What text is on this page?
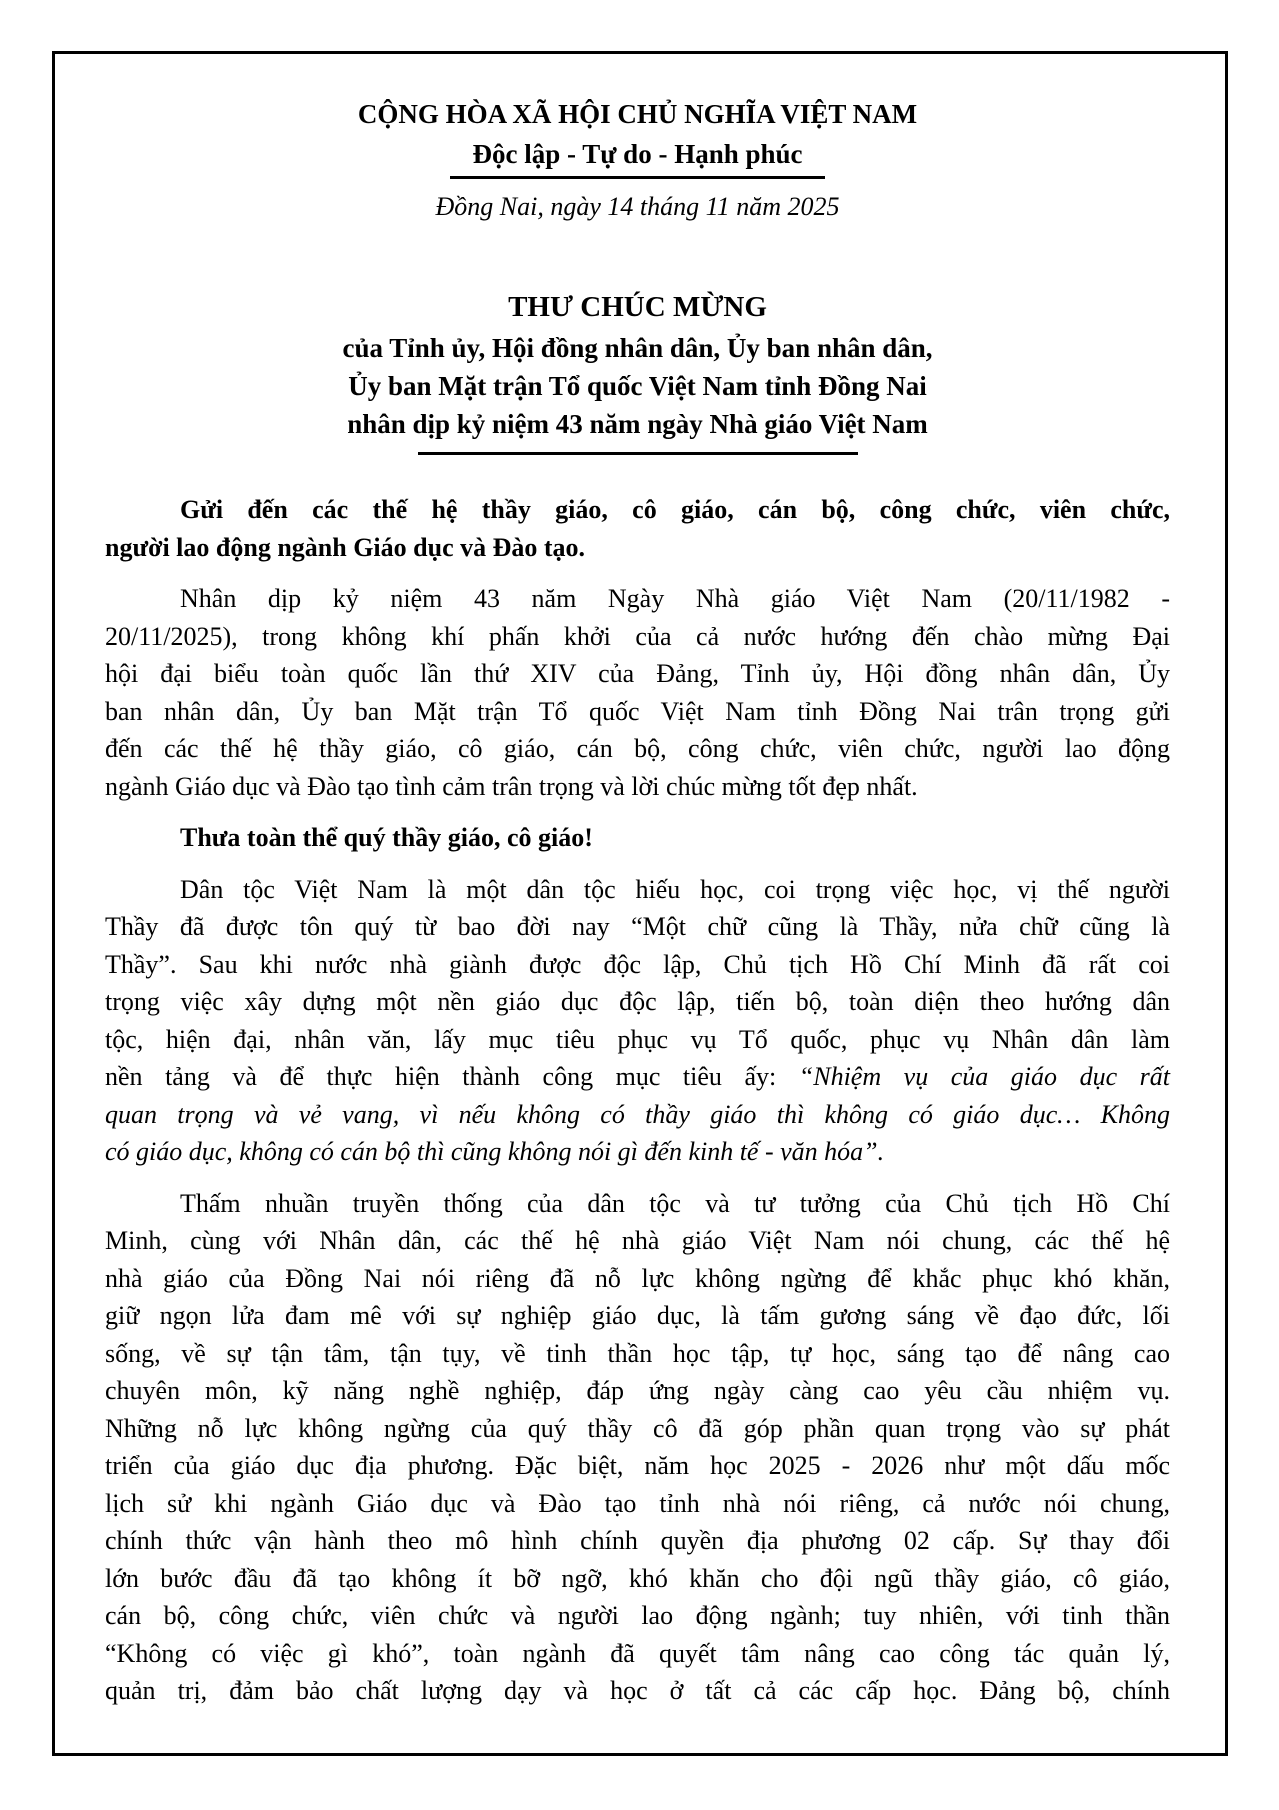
CỘNG HÒA XÃ HỘI CHỦ NGHĨA VIỆT NAM
Độc lập - Tự do - Hạnh phúc
Đồng Nai, ngày 14 tháng 11 năm 2025
THƯ CHÚC MỪNG
của Tỉnh ủy, Hội đồng nhân dân, Ủy ban nhân dân,
Ủy ban Mặt trận Tổ quốc Việt Nam tỉnh Đồng Nai
nhân dịp kỷ niệm 43 năm ngày Nhà giáo Việt Nam
Gửi đến các thế hệ thầy giáo, cô giáo, cán bộ, công chức, viên chức,
người lao động ngành Giáo dục và Đào tạo.
Nhân dịp kỷ niệm 43 năm Ngày Nhà giáo Việt Nam (20/11/1982 -
20/11/2025), trong không khí phấn khởi của cả nước hướng đến chào mừng Đại
hội đại biểu toàn quốc lần thứ XIV của Đảng, Tỉnh ủy, Hội đồng nhân dân, Ủy
ban nhân dân, Ủy ban Mặt trận Tổ quốc Việt Nam tỉnh Đồng Nai trân trọng gửi
đến các thế hệ thầy giáo, cô giáo, cán bộ, công chức, viên chức, người lao động
ngành Giáo dục và Đào tạo tình cảm trân trọng và lời chúc mừng tốt đẹp nhất.
Thưa toàn thể quý thầy giáo, cô giáo!
Dân tộc Việt Nam là một dân tộc hiếu học, coi trọng việc học, vị thế người
Thầy đã được tôn quý từ bao đời nay “Một chữ cũng là Thầy, nửa chữ cũng là
Thầy”. Sau khi nước nhà giành được độc lập, Chủ tịch Hồ Chí Minh đã rất coi
trọng việc xây dựng một nền giáo dục độc lập, tiến bộ, toàn diện theo hướng dân
tộc, hiện đại, nhân văn, lấy mục tiêu phục vụ Tổ quốc, phục vụ Nhân dân làm
nền tảng và để thực hiện thành công mục tiêu ấy: “Nhiệm vụ của giáo dục rất
quan trọng và vẻ vang, vì nếu không có thầy giáo thì không có giáo dục… Không
có giáo dục, không có cán bộ thì cũng không nói gì đến kinh tế - văn hóa”.
Thấm nhuần truyền thống của dân tộc và tư tưởng của Chủ tịch Hồ Chí
Minh, cùng với Nhân dân, các thế hệ nhà giáo Việt Nam nói chung, các thế hệ
nhà giáo của Đồng Nai nói riêng đã nỗ lực không ngừng để khắc phục khó khăn,
giữ ngọn lửa đam mê với sự nghiệp giáo dục, là tấm gương sáng về đạo đức, lối
sống, về sự tận tâm, tận tụy, về tinh thần học tập, tự học, sáng tạo để nâng cao
chuyên môn, kỹ năng nghề nghiệp, đáp ứng ngày càng cao yêu cầu nhiệm vụ.
Những nỗ lực không ngừng của quý thầy cô đã góp phần quan trọng vào sự phát
triển của giáo dục địa phương. Đặc biệt, năm học 2025 - 2026 như một dấu mốc
lịch sử khi ngành Giáo dục và Đào tạo tỉnh nhà nói riêng, cả nước nói chung,
chính thức vận hành theo mô hình chính quyền địa phương 02 cấp. Sự thay đổi
lớn bước đầu đã tạo không ít bỡ ngỡ, khó khăn cho đội ngũ thầy giáo, cô giáo,
cán bộ, công chức, viên chức và người lao động ngành; tuy nhiên, với tinh thần
“Không có việc gì khó”, toàn ngành đã quyết tâm nâng cao công tác quản lý,
quản trị, đảm bảo chất lượng dạy và học ở tất cả các cấp học. Đảng bộ, chính
